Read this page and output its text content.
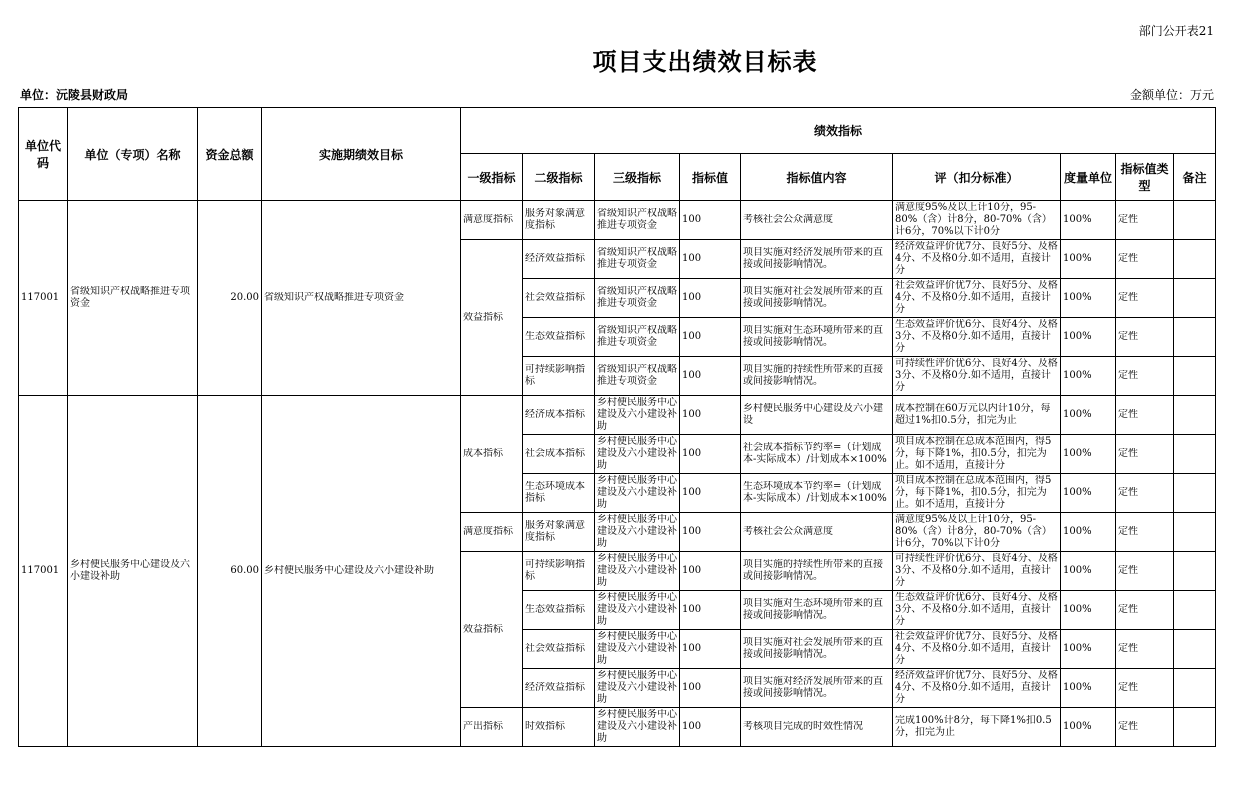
部门公开表21
项目支出绩效目标表
单位：沅陵县财政局	金额单位：万元
单位代码	单位（专项）名称	资金总额	实施期绩效目标	绩效指标								
				一级指标	二级指标	三级指标	指标值	指标值内容	评（扣分标准）	度量单位	指标值类型	备注

117001	省级知识产权战略推进专项资金	20.00	省级知识产权战略推进专项资金	满意度指标	服务对象满意度指标	省级知识产权战略推进专项资金	100	考核社会公众满意度	满意度95%及以上计10分，95-80%（含）计8分，80-70%（含）计6分，70%以下计0分	100%	定性	

				效益指标	经济效益指标	省级知识产权战略推进专项资金	100	项目实施对经济发展所带来的直接或间接影响情况。	经济效益评价优7分、良好5分、及格4分、不及格0分.如不适用，直接计分	100%	定性	

					社会效益指标	省级知识产权战略推进专项资金	100	项目实施对社会发展所带来的直接或间接影响情况。	社会效益评价优7分、良好5分、及格4分、不及格0分.如不适用，直接计分	100%	定性	

					生态效益指标	省级知识产权战略推进专项资金	100	项目实施对生态环境所带来的直接或间接影响情况。	生态效益评价优6分、良好4分、及格3分、不及格0分.如不适用，直接计分	100%	定性	

					可持续影响指标	省级知识产权战略推进专项资金	100	项目实施的持续性所带来的直接或间接影响情况。	可持续性评价优6分、良好4分、及格3分、不及格0分.如不适用，直接计分	100%	定性	

117001	乡村便民服务中心建设及六小建设补助	60.00	乡村便民服务中心建设及六小建设补助	成本指标	经济成本指标	乡村便民服务中心建设及六小建设补助	100	乡村便民服务中心建设及六小建设	成本控制在60万元以内计10分，每超过1%扣0.5分，扣完为止	100%	定性	

					社会成本指标	乡村便民服务中心建设及六小建设补助	100	社会成本指标节约率=（计划成本-实际成本）/计划成本×100%	项目成本控制在总成本范围内，得5分，每下降1%，扣0.5分，扣完为止。如不适用，直接计分	100%	定性	

					生态环境成本指标	乡村便民服务中心建设及六小建设补助	100	生态环境成本节约率=（计划成本-实际成本）/计划成本×100%	项目成本控制在总成本范围内，得5分，每下降1%，扣0.5分，扣完为止。如不适用，直接计分	100%	定性	

				满意度指标	服务对象满意度指标	乡村便民服务中心建设及六小建设补助	100	考核社会公众满意度	满意度95%及以上计10分，95-80%（含）计8分，80-70%（含）计6分，70%以下计0分	100%	定性	

				效益指标	可持续影响指标	乡村便民服务中心建设及六小建设补助	100	项目实施的持续性所带来的直接或间接影响情况。	可持续性评价优6分、良好4分、及格3分、不及格0分.如不适用，直接计分	100%	定性	

					生态效益指标	乡村便民服务中心建设及六小建设补助	100	项目实施对生态环境所带来的直接或间接影响情况。	生态效益评价优6分、良好4分、及格3分、不及格0分.如不适用，直接计分	100%	定性	

					社会效益指标	乡村便民服务中心建设及六小建设补助	100	项目实施对社会发展所带来的直接或间接影响情况。	社会效益评价优7分、良好5分、及格4分、不及格0分.如不适用，直接计分	100%	定性	

					经济效益指标	乡村便民服务中心建设及六小建设补助	100	项目实施对经济发展所带来的直接或间接影响情况。	经济效益评价优7分、良好5分、及格4分、不及格0分.如不适用，直接计分	100%	定性	

				产出指标	时效指标	乡村便民服务中心建设及六小建设补助	100	考核项目完成的时效性情况	完成100%计8分，每下降1%扣0.5分，扣完为止	100%	定性	
